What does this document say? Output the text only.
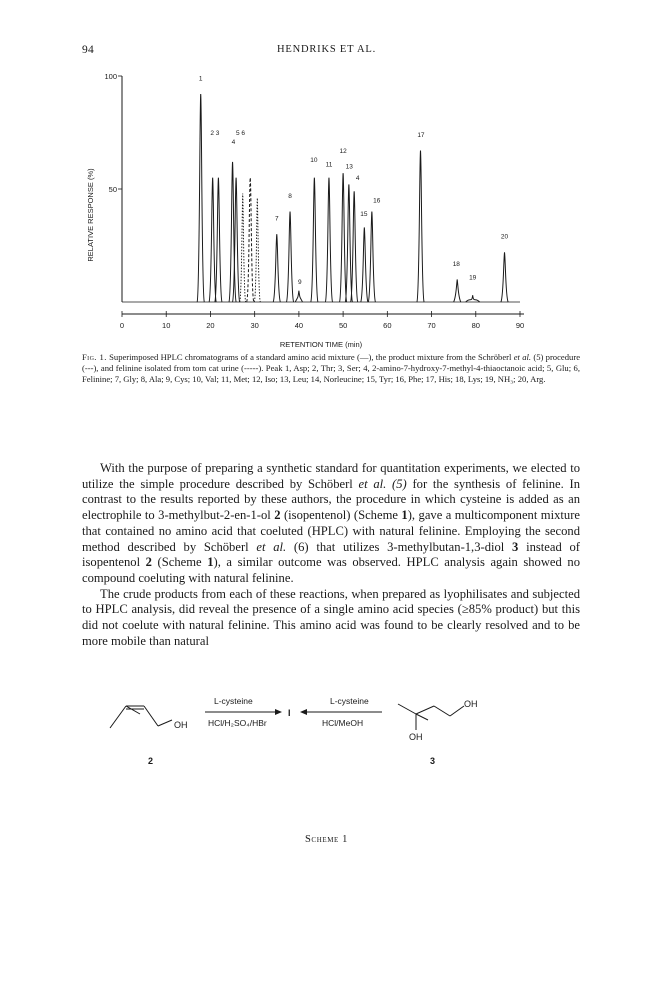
94	HENDRIKS ET AL.
0	10	20	30	40	50	60	70	80	90
50
100	1
2 3
4
5 6
7
8
9
10
11
12
13
4
15
16
17
18
19
20
RETENTION TIME (min)
RELATIVE RESPONSE (%)
Fig. 1. Superimposed HPLC chromatograms of a standard amino acid mixture (—), the product mixture from the Schröberl et al. (5) procedure (---), and felinine isolated from tom cat urine (-----). Peak 1, Asp; 2, Thr; 3, Ser; 4, 2-amino-7-hydroxy-7-methyl-4-thiaoctanoic acid; 5, Glu; 6, Felinine; 7, Gly; 8, Ala; 9, Cys; 10, Val; 11, Met; 12, Iso; 13, Leu; 14, Norleucine; 15, Tyr; 16, Phe; 17, His; 18, Lys; 19, NH₃; 20, Arg.

With the purpose of preparing a synthetic standard for quantitation experiments, we elected to utilize the simple procedure described by Schöberl et al. (5) for the synthesis of felinine. In contrast to the results reported by these authors, the procedure in which cysteine is added as an electrophile to 3-methylbut-2-en-1-ol 2 (isopentenol) (Scheme 1), gave a multicomponent mixture that contained no amino acid that coeluted (HPLC) with natural felinine. Employing the second method described by Schöberl et al. (6) that utilizes 3-methylbutan-1,3-diol 3 instead of isopentenol 2 (Scheme 1), a similar outcome was observed. HPLC analysis again showed no compound coeluting with natural felinine.

The crude products from each of these reactions, when prepared as lyophilisates and subjected to HPLC analysis, did reveal the presence of a single amino acid species (≥85% product) but this did not coelute with natural felinine. This amino acid was found to be clearly resolved and to be more mobile than natural

OH
2
L-cysteine
HCl/H₂SO₄/HBr
I
L-cysteine
HCl/MeOH
OH
OH
3
Scheme 1
